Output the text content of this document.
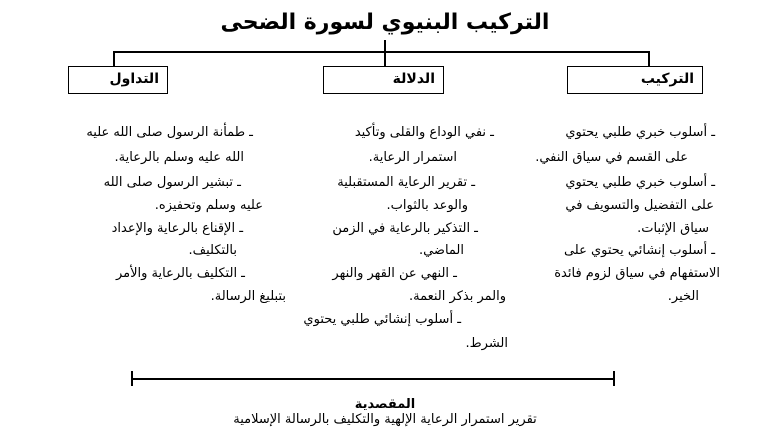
التركيب البنيوي لسورة الضحى
التداول	الدلالة	التركيب
ـ أسلوب خبري طلبي يحتوي
على القسم في سياق النفي.
ـ أسلوب خبري طلبي يحتوي
على التفضيل والتسويف في
سياق الإثبات.
ـ أسلوب إنشائي يحتوي على
الاستفهام في سياق لزوم فائدة
الخير.
ـ نفي الوداع والقلى وتأكيد
استمرار الرعاية.
ـ تقرير الرعاية المستقبلية
والوعد بالثواب.
ـ التذكير بالرعاية في الزمن
الماضي.
ـ النهي عن القهر والنهر
والمر بذكر النعمة.
ـ أسلوب إنشائي طلبي يحتوي
الشرط.
ـ طمأنة الرسول صلى الله عليه
الله عليه وسلم بالرعاية.
ـ تبشير الرسول صلى الله
عليه وسلم وتحفيزه.
ـ الإقناع بالرعاية والإعداد
بالتكليف.
ـ التكليف بالرعاية والأمر
بتبليغ الرسالة.
المقصدية
تقرير استمرار الرعاية الإلهية والتكليف بالرسالة الإسلامية
